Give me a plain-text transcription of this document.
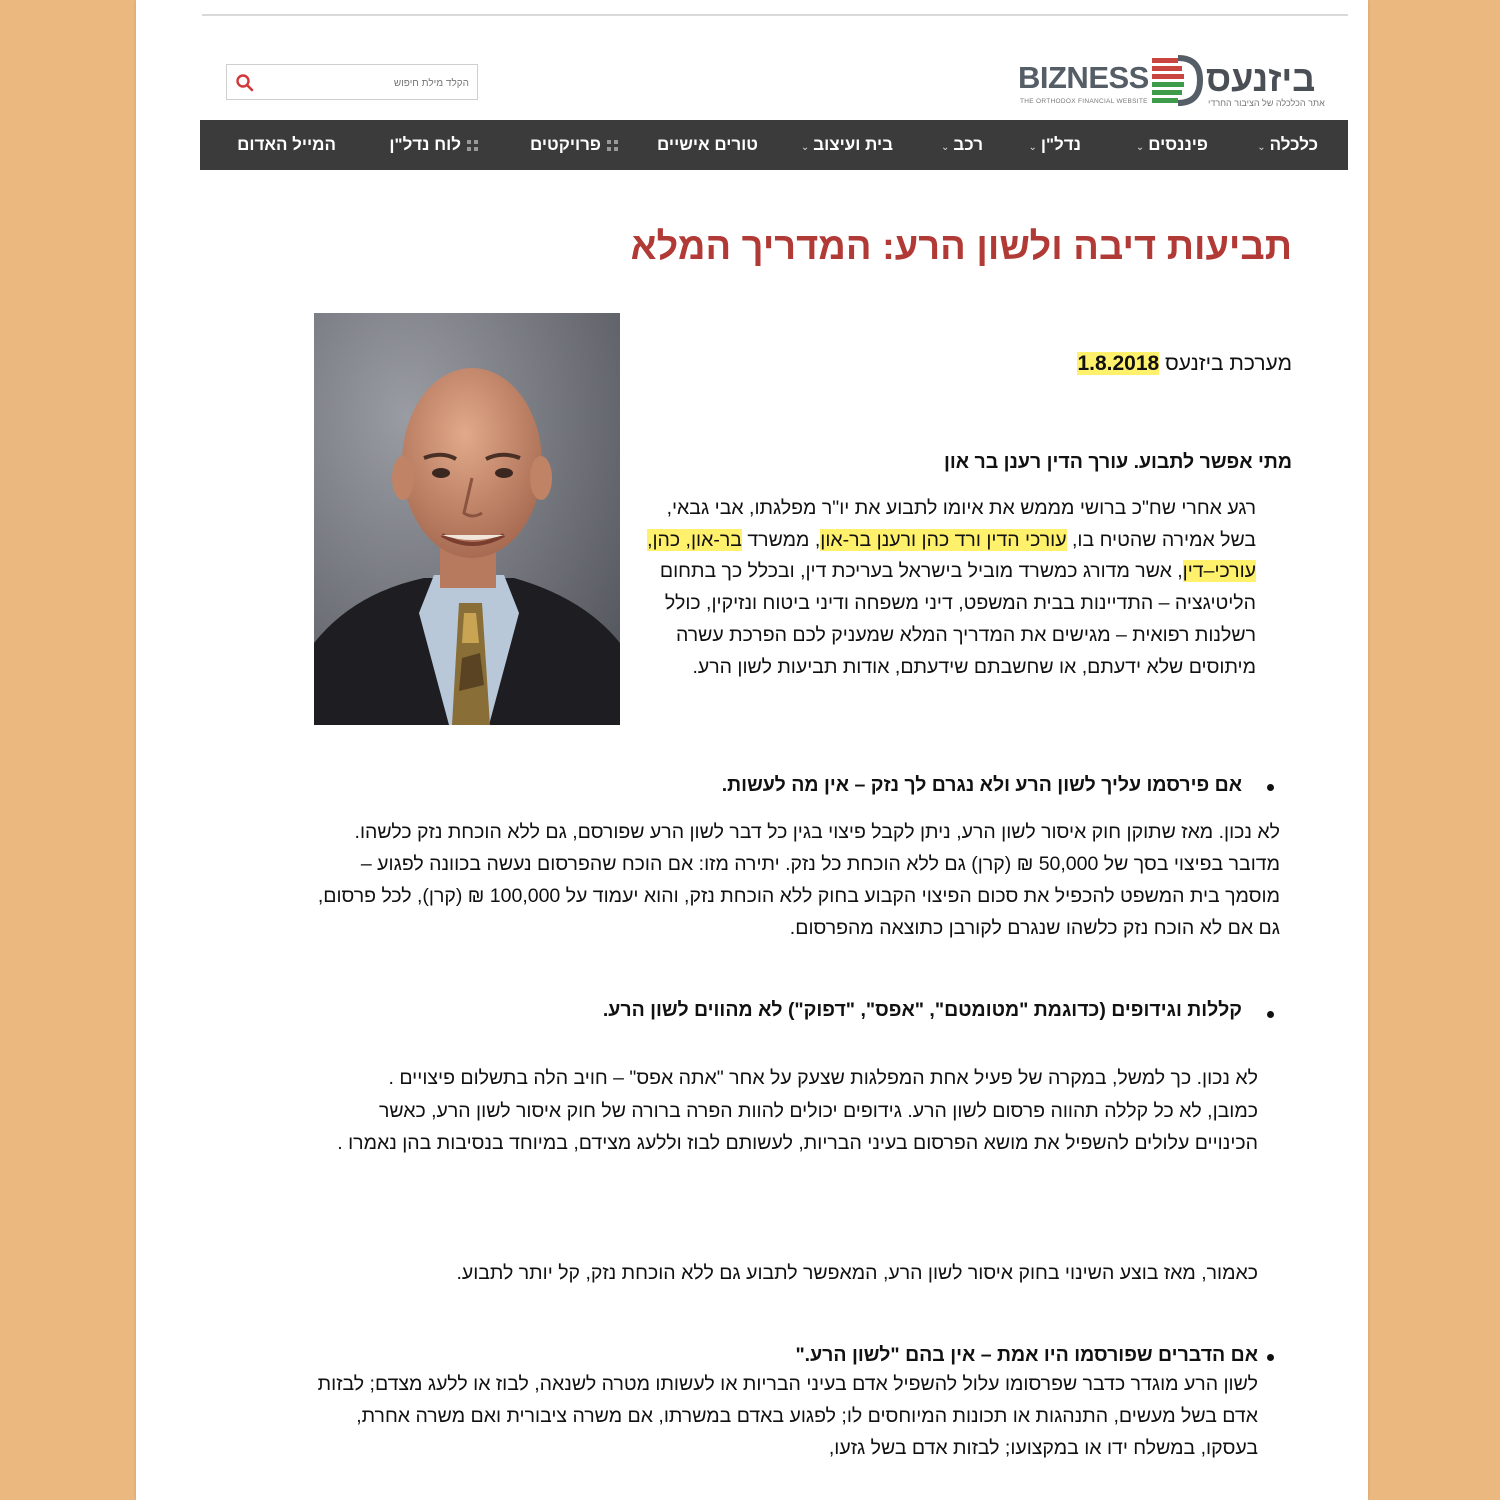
BIZNESS
THE ORTHODOX FINANCIAL WEBSITE
ביזנעס
אתר הכלכלה של הציבור החרדי
הקלד מילת חיפוש
כלכלה⌄
פיננסים⌄
נדל"ן⌄
רכב⌄
בית ועיצוב⌄
טורים אישיים
פרויקטים
לוח נדל"ן
המייל האדום
תביעות דיבה ולשון הרע: המדריך המלא
מערכת ביזנעס 1.8.2018
מתי אפשר לתבוע. עורך הדין רענן בר און
רגע אחרי שח"כ ברושי מממש את איומו לתבוע את יו"ר מפלגתו, אבי גבאי, בשל אמירה שהטיח בו, עורכי הדין ורד כהן ורענן בר-און, ממשרד בר-און, כהן, עורכי–דין, אשר מדורג כמשרד מוביל בישראל בעריכת דין, ובכלל כך בתחום הליטיגציה – התדיינות בבית המשפט, דיני משפחה ודיני ביטוח ונזיקין, כולל רשלנות רפואית – מגישים את המדריך המלא שמעניק לכם הפרכת עשרה מיתוסים שלא ידעתם, או שחשבתם שידעתם, אודות תביעות לשון הרע.
אם פירסמו עליך לשון הרע ולא נגרם לך נזק – אין מה לעשות.
לא נכון. מאז שתוקן חוק איסור לשון הרע, ניתן לקבל פיצוי בגין כל דבר לשון הרע שפורסם, גם ללא הוכחת נזק כלשהו. מדובר בפיצוי בסך של 50,000 ₪ (קרן) גם ללא הוכחת כל נזק. יתירה מזו: אם הוכח שהפרסום נעשה בכוונה לפגוע – מוסמך בית המשפט להכפיל את סכום הפיצוי הקבוע בחוק ללא הוכחת נזק, והוא יעמוד על 100,000 ₪ (קרן), לכל פרסום, גם אם לא הוכח נזק כלשהו שנגרם לקורבן כתוצאה מהפרסום.
קללות וגידופים (כדוגמת "מטומטם", "אפס", "דפוק") לא מהווים לשון הרע.
לא נכון. כך למשל, במקרה של פעיל אחת המפלגות שצעק על אחר "אתה אפס" – חויב הלה בתשלום פיצויים .
כמובן, לא כל קללה תהווה פרסום לשון הרע. גידופים יכולים להוות הפרה ברורה של חוק איסור לשון הרע, כאשר הכינויים עלולים להשפיל את מושא הפרסום בעיני הבריות, לעשותם לבוז וללעג מצידם, במיוחד בנסיבות בהן נאמרו .
כאמור, מאז בוצע השינוי בחוק איסור לשון הרע, המאפשר לתבוע גם ללא הוכחת נזק, קל יותר לתבוע.
אם הדברים שפורסמו היו אמת – אין בהם "לשון הרע."
לשון הרע מוגדר כדבר שפרסומו עלול להשפיל אדם בעיני הבריות או לעשותו מטרה לשנאה, לבוז או ללעג מצדם; לבזות אדם בשל מעשים, התנהגות או תכונות המיוחסים לו; לפגוע באדם במשרתו, אם משרה ציבורית ואם משרה אחרת, בעסקו, במשלח ידו או במקצועו; לבזות אדם בשל גזעו,
